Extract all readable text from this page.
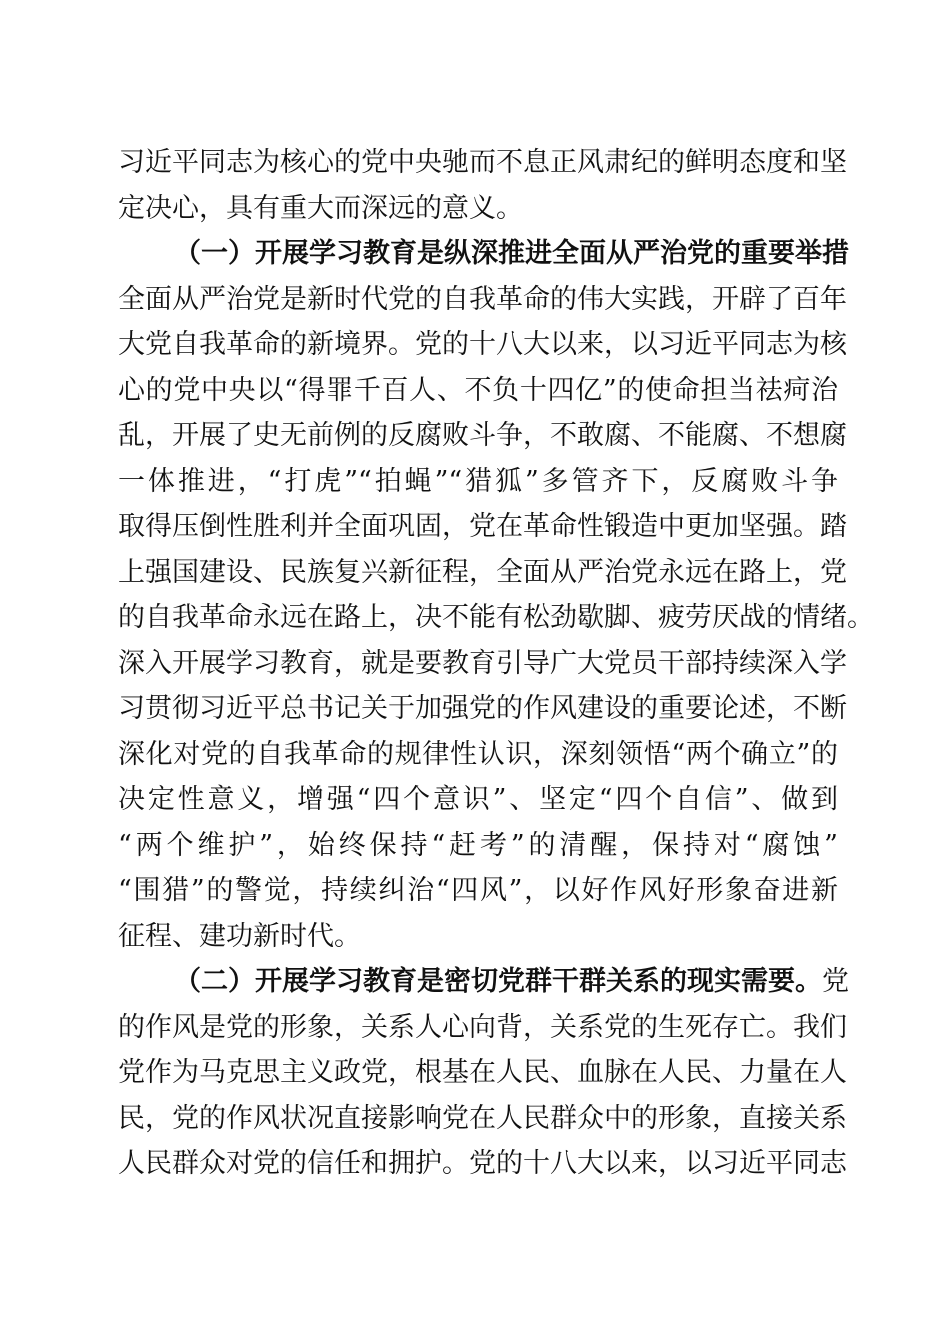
习近平同志为核心的党中央驰而不息正风肃纪的鲜明态度和坚
定决心，具有重大而深远的意义。
（一）开展学习教育是纵深推进全面从严治党的重要举措
全面从严治党是新时代党的自我革命的伟大实践，开辟了百年
大党自我革命的新境界。党的十八大以来，以习近平同志为核
心的党中央以“得罪千百人、不负十四亿”的使命担当祛疴治
乱，开展了史无前例的反腐败斗争，不敢腐、不能腐、不想腐
一体推进，“打虎”“拍蝇”“猎狐”多管齐下，反腐败斗争
取得压倒性胜利并全面巩固，党在革命性锻造中更加坚强。踏
上强国建设、民族复兴新征程，全面从严治党永远在路上，党
的自我革命永远在路上，决不能有松劲歇脚、疲劳厌战的情绪。
深入开展学习教育，就是要教育引导广大党员干部持续深入学
习贯彻习近平总书记关于加强党的作风建设的重要论述，不断
深化对党的自我革命的规律性认识，深刻领悟“两个确立”的
决定性意义，增强“四个意识”、坚定“四个自信”、做到
“两个维护”，始终保持“赶考”的清醒，保持对“腐蚀”
“围猎”的警觉，持续纠治“四风”，以好作风好形象奋进新
征程、建功新时代。
（二）开展学习教育是密切党群干群关系的现实需要。党
的作风是党的形象，关系人心向背，关系党的生死存亡。我们
党作为马克思主义政党，根基在人民、血脉在人民、力量在人
民，党的作风状况直接影响党在人民群众中的形象，直接关系
人民群众对党的信任和拥护。党的十八大以来，以习近平同志
